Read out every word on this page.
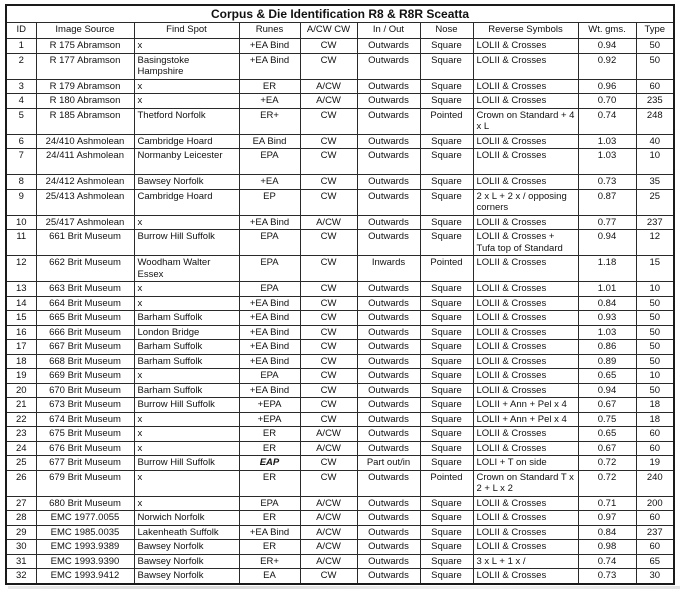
Corpus & Die Identification R8 & R8R Sceatta									
ID	Image Source	Find Spot	Runes	A/CW CW	In / Out	Nose	Reverse Symbols	Wt. gms.	Type
1	R 175 Abramson	x	+EA Bind	CW	Outwards	Square	LOLII & Crosses	0.94	50
2	R 177 Abramson	Basingstoke Hampshire	+EA Bind	CW	Outwards	Square	LOLII & Crosses	0.92	50
3	R 179 Abramson	x	ER	A/CW	Outwards	Square	LOLII & Crosses	0.96	60
4	R 180 Abramson	x	+EA	A/CW	Outwards	Square	LOLII & Crosses	0.70	235
5	R 185 Abramson	Thetford Norfolk	ER+	CW	Outwards	Pointed	Crown on Standard + 4 x L	0.74	248
6	24/410 Ashmolean	Cambridge Hoard	EA Bind	CW	Outwards	Square	LOLII & Crosses	1.03	40
7	24/411 Ashmolean	Normanby Leicester	EPA	CW	Outwards	Square	LOLII & Crosses	1.03	10
8	24/412 Ashmolean	Bawsey Norfolk	+EA	CW	Outwards	Square	LOLII & Crosses	0.73	35
9	25/413 Ashmolean	Cambridge Hoard	EP	CW	Outwards	Square	2 x L + 2 x / opposing corners	0.87	25
10	25/417 Ashmolean	x	+EA Bind	A/CW	Outwards	Square	LOLII & Crosses	0.77	237
11	661 Brit Museum	Burrow Hill Suffolk	EPA	CW	Outwards	Square	LOLII & Crosses + Tufa top of Standard	0.94	12
12	662 Brit Museum	Woodham Walter Essex	EPA	CW	Inwards	Pointed	LOLII & Crosses	1.18	15
13	663 Brit Museum	x	EPA	CW	Outwards	Square	LOLII & Crosses	1.01	10
14	664 Brit Museum	x	+EA Bind	CW	Outwards	Square	LOLII & Crosses	0.84	50
15	665 Brit Museum	Barham Suffolk	+EA Bind	CW	Outwards	Square	LOLII & Crosses	0.93	50
16	666 Brit Museum	London Bridge	+EA Bind	CW	Outwards	Square	LOLII & Crosses	1.03	50
17	667 Brit Museum	Barham Suffolk	+EA Bind	CW	Outwards	Square	LOLII & Crosses	0.86	50
18	668 Brit Museum	Barham Suffolk	+EA Bind	CW	Outwards	Square	LOLII & Crosses	0.89	50
19	669 Brit Museum	x	EPA	CW	Outwards	Square	LOLII & Crosses	0.65	10
20	670 Brit Museum	Barham Suffolk	+EA Bind	CW	Outwards	Square	LOLII & Crosses	0.94	50
21	673 Brit Museum	Burrow Hill Suffolk	+EPA	CW	Outwards	Square	LOLII + Ann + Pel x 4	0.67	18
22	674 Brit Museum	x	+EPA	CW	Outwards	Square	LOLII + Ann + Pel x 4	0.75	18
23	675 Brit Museum	x	ER	A/CW	Outwards	Square	LOLII & Crosses	0.65	60
24	676 Brit Museum	x	ER	A/CW	Outwards	Square	LOLII & Crosses	0.67	60
25	677 Brit Museum	Burrow Hill Suffolk	EAP	CW	Part out/in	Square	LOLI + T on side	0.72	19
26	679 Brit Museum	x	ER	CW	Outwards	Pointed	Crown on Standard T x 2 + L x 2	0.72	240
27	680 Brit Museum	x	EPA	A/CW	Outwards	Square	LOLII & Crosses	0.71	200
28	EMC 1977.0055	Norwich Norfolk	ER	A/CW	Outwards	Square	LOLII & Crosses	0.97	60
29	EMC 1985.0035	Lakenheath Suffolk	+EA Bind	A/CW	Outwards	Square	LOLII & Crosses	0.84	237
30	EMC 1993.9389	Bawsey Norfolk	ER	A/CW	Outwards	Square	LOLII & Crosses	0.98	60
31	EMC 1993.9390	Bawsey Norfolk	ER+	A/CW	Outwards	Square	3 x L + 1 x /	0.74	65
32	EMC 1993.9412	Bawsey Norfolk	EA	CW	Outwards	Square	LOLII & Crosses	0.73	30
